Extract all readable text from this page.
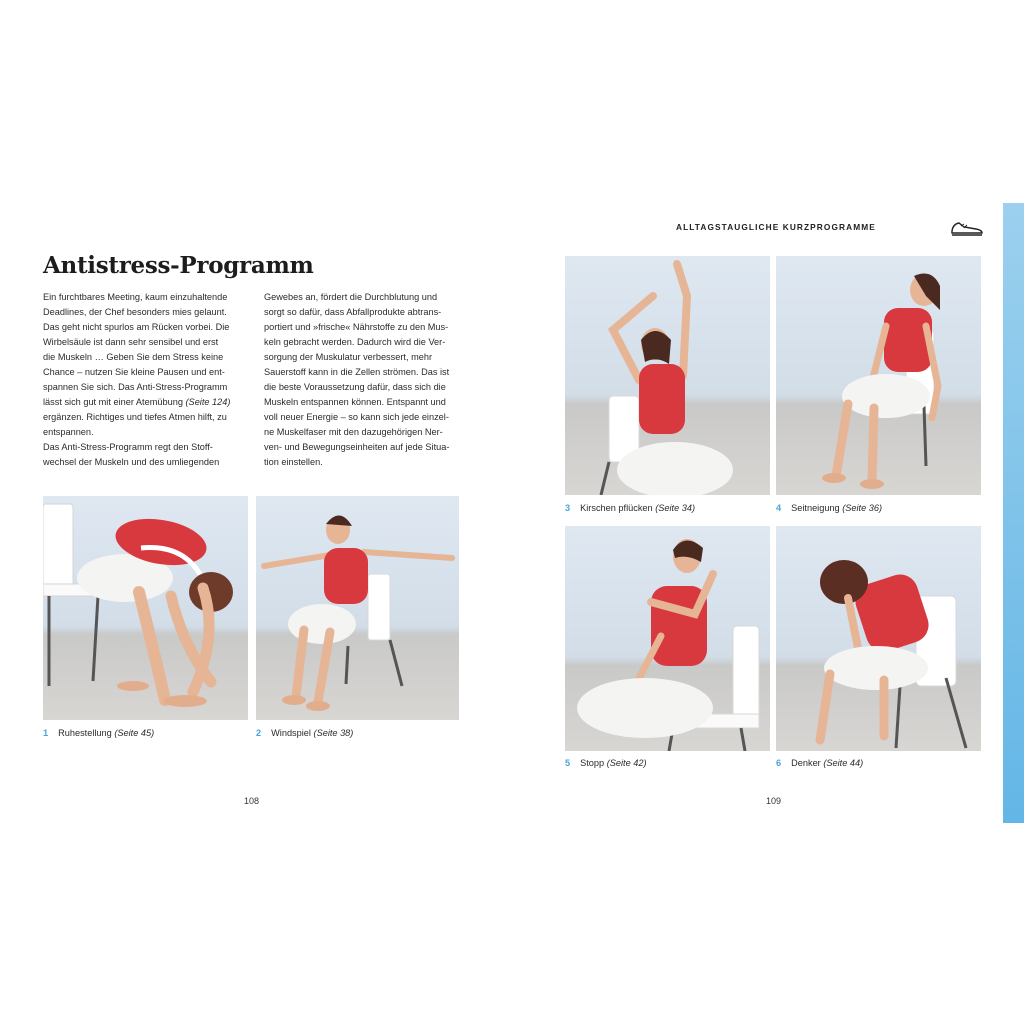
Antistress-Programm
Ein furchtbares Meeting, kaum einzuhaltende
Deadlines, der Chef besonders mies gelaunt.
Das geht nicht spurlos am Rücken vorbei. Die
Wirbelsäule ist dann sehr sensibel und erst
die Muskeln … Geben Sie dem Stress keine
Chance – nutzen Sie kleine Pausen und ent-
spannen Sie sich. Das Anti-Stress-Programm
lässt sich gut mit einer Atemübung (Seite 124)
ergänzen. Richtiges und tiefes Atmen hilft, zu
entspannen.
Das Anti-Stress-Programm regt den Stoff-
wechsel der Muskeln und des umliegenden
Gewebes an, fördert die Durchblutung und
sorgt so dafür, dass Abfallprodukte abtrans-
portiert und »frische« Nährstoffe zu den Mus-
keln gebracht werden. Dadurch wird die Ver-
sorgung der Muskulatur verbessert, mehr
Sauerstoff kann in die Zellen strömen. Das ist
die beste Voraussetzung dafür, dass sich die
Muskeln entspannen können. Entspannt und
voll neuer Energie – so kann sich jede einzel-
ne Muskelfaser mit den dazugehörigen Ner-
ven- und Bewegungseinheiten auf jede Situa-
tion einstellen.
1 Ruhestellung (Seite 45)	2 Windspiel (Seite 38)
108
ALLTAGSTAUGLICHE KURZPROGRAMME
3 Kirschen pflücken (Seite 34)	4 Seitneigung (Seite 36)
5 Stopp (Seite 42)	6 Denker (Seite 44)
109
